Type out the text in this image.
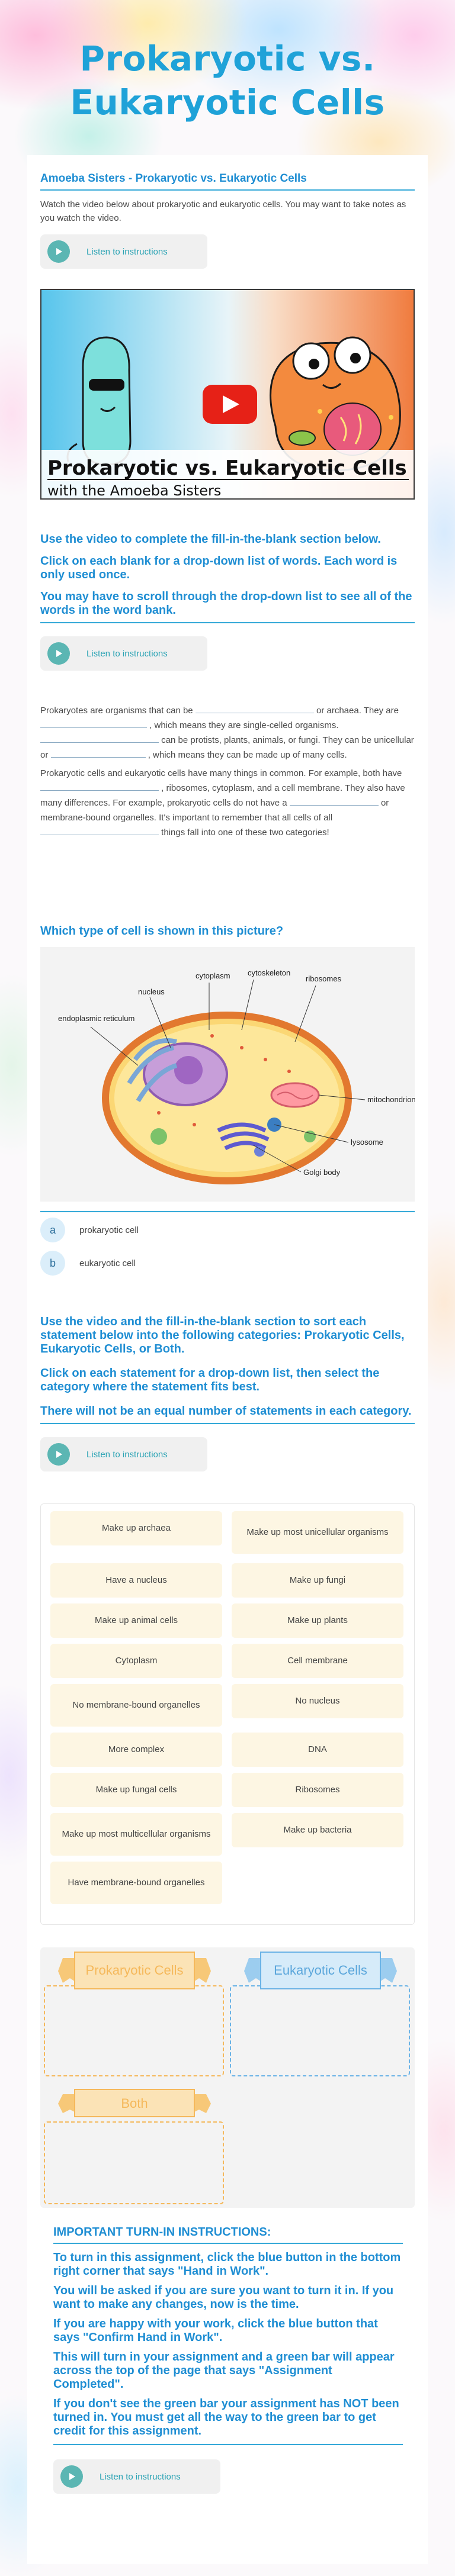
Prokaryotic vs. Eukaryotic Cells
Amoeba Sisters - Prokaryotic vs. Eukaryotic Cells
Watch the video below about prokaryotic and eukaryotic cells. You may want to take notes as you watch the video.
Listen to instructions
Prokaryotic vs. Eukaryotic Cells
with the Amoeba Sisters
Use the video to complete the fill-in-the-blank section below.
Click on each blank for a drop-down list of words. Each word is only used once.
You may have to scroll through the drop-down list to see all of the words in the word bank.
Listen to instructions

Prokaryotes are organisms that can be	or archaea. They are  , which means they are single-celled organisms.  can be protists, plants, animals, or fungi. They can be unicellular or	, which means they can be made up of many cells.

Prokaryotic cells and eukaryotic cells have many things in common. For example, both have  , ribosomes, cytoplasm, and a cell membrane. They also have many differences. For example, prokaryotic cells do not have a	or membrane-bound organelles. It's important to remember that all cells of all  things fall into one of these two categories!

Which type of cell is shown in this picture?
cytoplasm cytoskeleton
ribosomes
nucleus
endoplasmic reticulum
mitochondrion
lysosome
Golgi body
a	prokaryotic cell
b	eukaryotic cell
Use the video and the fill-in-the-blank section to sort each statement below into the following categories: Prokaryotic Cells, Eukaryotic Cells, or Both.
Click on each statement for a drop-down list, then select the category where the statement fits best.
There will not be an equal number of statements in each category.
Listen to instructions
Make up archaea	Make up most unicellular organisms
Have a nucleus	Make up fungi
Make up animal cells	Make up plants
Cytoplasm	Cell membrane
No membrane-bound organelles	No nucleus
More complex	DNA
Make up fungal cells	Ribosomes
Make up most multicellular organisms	Make up bacteria
Have membrane-bound organelles
Prokaryotic Cells	Eukaryotic Cells
Both
IMPORTANT TURN-IN INSTRUCTIONS:
To turn in this assignment, click the blue button in the bottom right corner that says "Hand in Work".
You will be asked if you are sure you want to turn it in. If you want to make any changes, now is the time.
If you are happy with your work, click the blue button that says "Confirm Hand in Work".
This will turn in your assignment and a green bar will appear across the top of the page that says "Assignment Completed".
If you don't see the green bar your assignment has NOT been turned in. You must get all the way to the green bar to get credit for this assignment.
Listen to instructions
